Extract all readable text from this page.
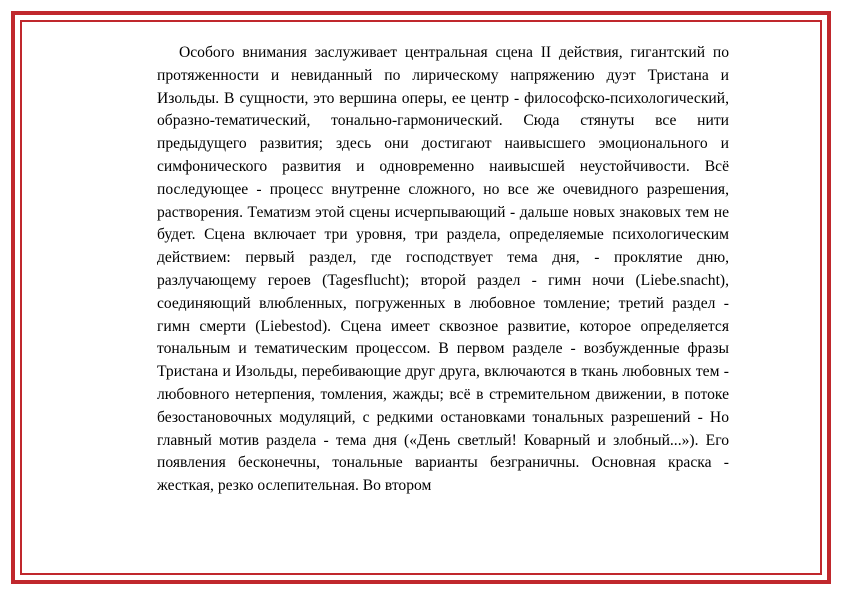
Особого внимания заслуживает центральная сцена II действия, гигантский по протяженности и невиданный по лирическому напряжению дуэт Тристана и Изольды. В сущности, это вершина оперы, ее центр - философско-психологический, образно-тематический, тонально-гармонический. Сюда стянуты все нити предыдущего развития; здесь они достигают наивысшего эмоционального и симфонического развития и одновременно наивысшей неустойчивости. Всё последующее - процесс внутренне сложного, но все же очевидного разрешения, растворения. Тематизм этой сцены исчерпывающий - дальше новых знаковых тем не будет. Сцена включает три уровня, три раздела, определяемые психологическим действием: первый раздел, где господствует тема дня, - проклятие дню, разлучающему героев (Tagesflucht); второй раздел - гимн ночи (Liebe.snacht), соединяющий влюбленных, погруженных в любовное томление; третий раздел - гимн смерти (Liebestod). Сцена имеет сквозное развитие, которое определяется тональным и тематическим процессом. В первом разделе - возбужденные фразы Тристана и Изольды, перебивающие друг друга, включаются в ткань любовных тем - любовного нетерпения, томления, жажды; всё в стремительном движении, в потоке безостановочных модуляций, с редкими остановками тональных разрешений - Но главный мотив раздела - тема дня («День светлый! Коварный и злобный...»). Его появления бесконечны, тональные варианты безграничны. Основная краска - жесткая, резко ослепительная. Во втором
